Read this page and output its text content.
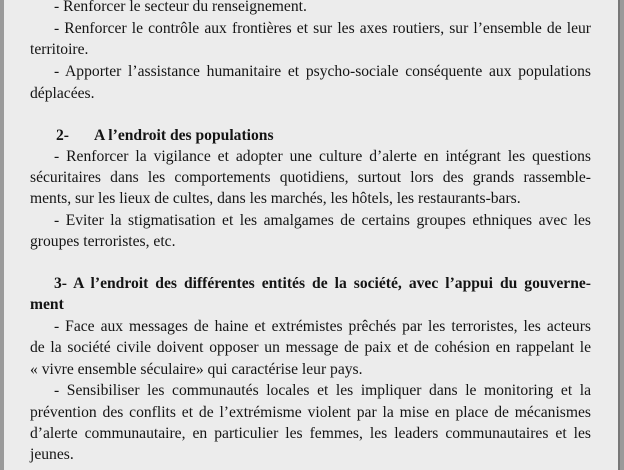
- Renforcer le secteur du renseignement.
- Renforcer le contrôle aux frontières et sur les axes routiers, sur l’ensemble de leur
territoire.
- Apporter l’assistance humanitaire et psycho-sociale conséquente aux populations
déplacées.
2- A l’endroit des populations
- Renforcer la vigilance et adopter une culture d’alerte en intégrant les questions
sécuritaires dans les comportements quotidiens, surtout lors des grands rassemble-
ments, sur les lieux de cultes, dans les marchés, les hôtels, les restaurants-bars.
- Eviter la stigmatisation et les amalgames de certains groupes ethniques avec les
groupes terroristes, etc.
3- A l’endroit des différentes entités de la société, avec l’appui du gouverne-
ment
- Face aux messages de haine et extrémistes prêchés par les terroristes, les acteurs
de la société civile doivent opposer un message de paix et de cohésion en rappelant le
« vivre ensemble séculaire» qui caractérise leur pays.
- Sensibiliser les communautés locales et les impliquer dans le monitoring et la
prévention des conflits et de l’extrémisme violent par la mise en place de mécanismes
d’alerte communautaire, en particulier les femmes, les leaders communautaires et les
jeunes.
